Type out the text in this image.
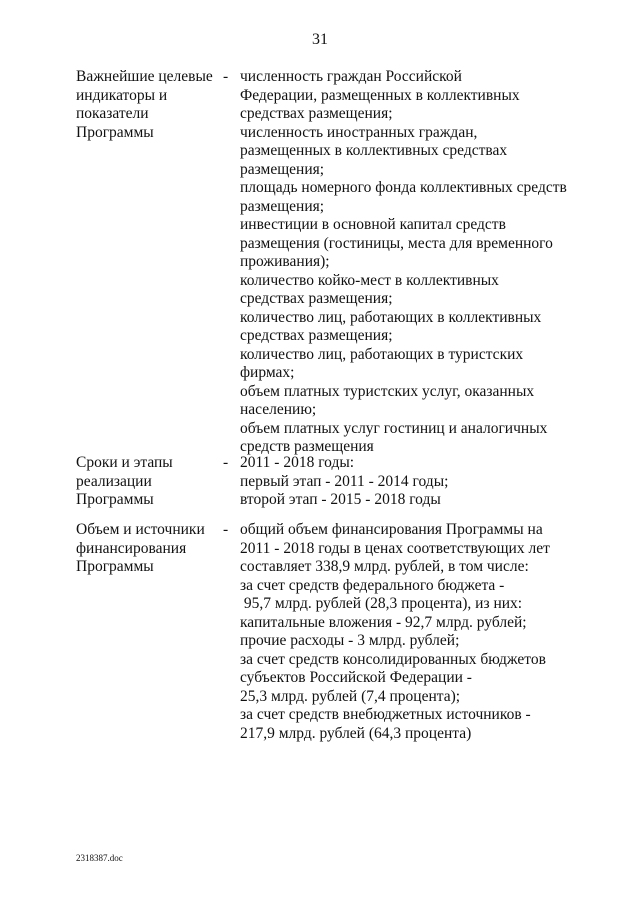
31
Важнейшие целевые
индикаторы и
показатели
Программы
- численность граждан Российской
Федерации, размещенных в коллективных
средствах размещения;
численность иностранных граждан,
размещенных в коллективных средствах
размещения;
площадь номерного фонда коллективных средств
размещения;
инвестиции в основной капитал средств
размещения (гостиницы, места для временного
проживания);
количество койко-мест в коллективных
средствах размещения;
количество лиц, работающих в коллективных
средствах размещения;
количество лиц, работающих в туристских
фирмах;
объем платных туристских услуг, оказанных
населению;
объем платных услуг гостиниц и аналогичных
средств размещения
Сроки и этапы
реализации
Программы
- 2011 - 2018 годы:
первый этап - 2011 - 2014 годы;
второй этап - 2015 - 2018 годы
Объем и источники
финансирования
Программы
- общий объем финансирования Программы на
2011 - 2018 годы в ценах соответствующих лет
составляет 338,9 млрд. рублей, в том числе:
за счет средств федерального бюджета -
95,7 млрд. рублей (28,3 процента), из них:
капитальные вложения - 92,7 млрд. рублей;
прочие расходы - 3 млрд. рублей;
за счет средств консолидированных бюджетов
субъектов Российской Федерации -
25,3 млрд. рублей (7,4 процента);
за счет средств внебюджетных источников -
217,9 млрд. рублей (64,3 процента)
2318387.doc
